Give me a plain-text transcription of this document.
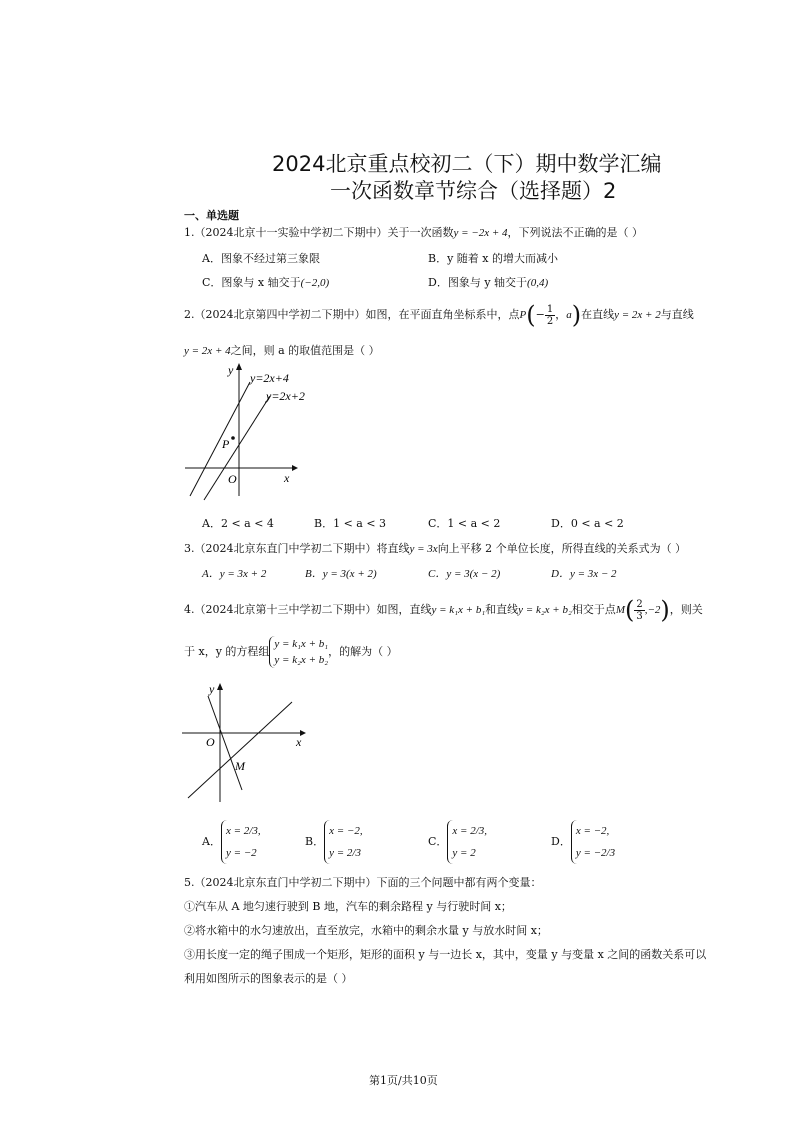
2024北京重点校初二（下）期中数学汇编
一次函数章节综合（选择题）2
一、单选题
1.（2024北京十一实验中学初二下期中）关于一次函数y = −2x + 4，下列说法不正确的是（ ）
A．图象不经过第三象限	B．y 随着 x 的增大而减小
C．图象与 x 轴交于(−2,0)	D．图象与 y 轴交于(0,4)
2.（2024北京第四中学初二下期中）如图，在平面直角坐标系中，点$P(- \frac{1}{2}$ ，a)在直线y = 2x + 2与直线
y = 2x + 4之间，则 a 的取值范围是（ ）
y
x
O
P
y=2x+4
y=2x+2
A．2 < a < 4	B．1 < a < 3	C．1 < a < 2	D．0 < a < 2
3.（2024北京东直门中学初二下期中）将直线y = 3x向上平移 2 个单位长度，所得直线的关系式为（ ）
A．y = 3x + 2	B．y = 3(x + 2)	C．y = 3(x − 2)	D．y = 3x − 2
4.（2024北京第十三中学初二下期中）如图，直线y = k₁x + b₁和直线y = k₂x + b₂相交于点$M( \frac{2}{3} ,-2)$，则关
于 x，y 的方程组
y = k₁x + b₁
y = k₂x + b₂
，的解为（ ）
y
x
O
M
A．
x = 2/3,
y = −2
B．
x = −2,
y = 2/3
C．
x = 2/3,
y = 2
D．
x = −2,
y = −2/3
5.（2024北京东直门中学初二下期中）下面的三个问题中都有两个变量：
①汽车从 A 地匀速行驶到 B 地，汽车的剩余路程 y 与行驶时间 x；
②将水箱中的水匀速放出，直至放完，水箱中的剩余水量 y 与放水时间 x；
③用长度一定的绳子围成一个矩形，矩形的面积 y 与一边长 x，其中，变量 y 与变量 x 之间的函数关系可以
利用如图所示的图象表示的是（ ）
第1页/共10页
